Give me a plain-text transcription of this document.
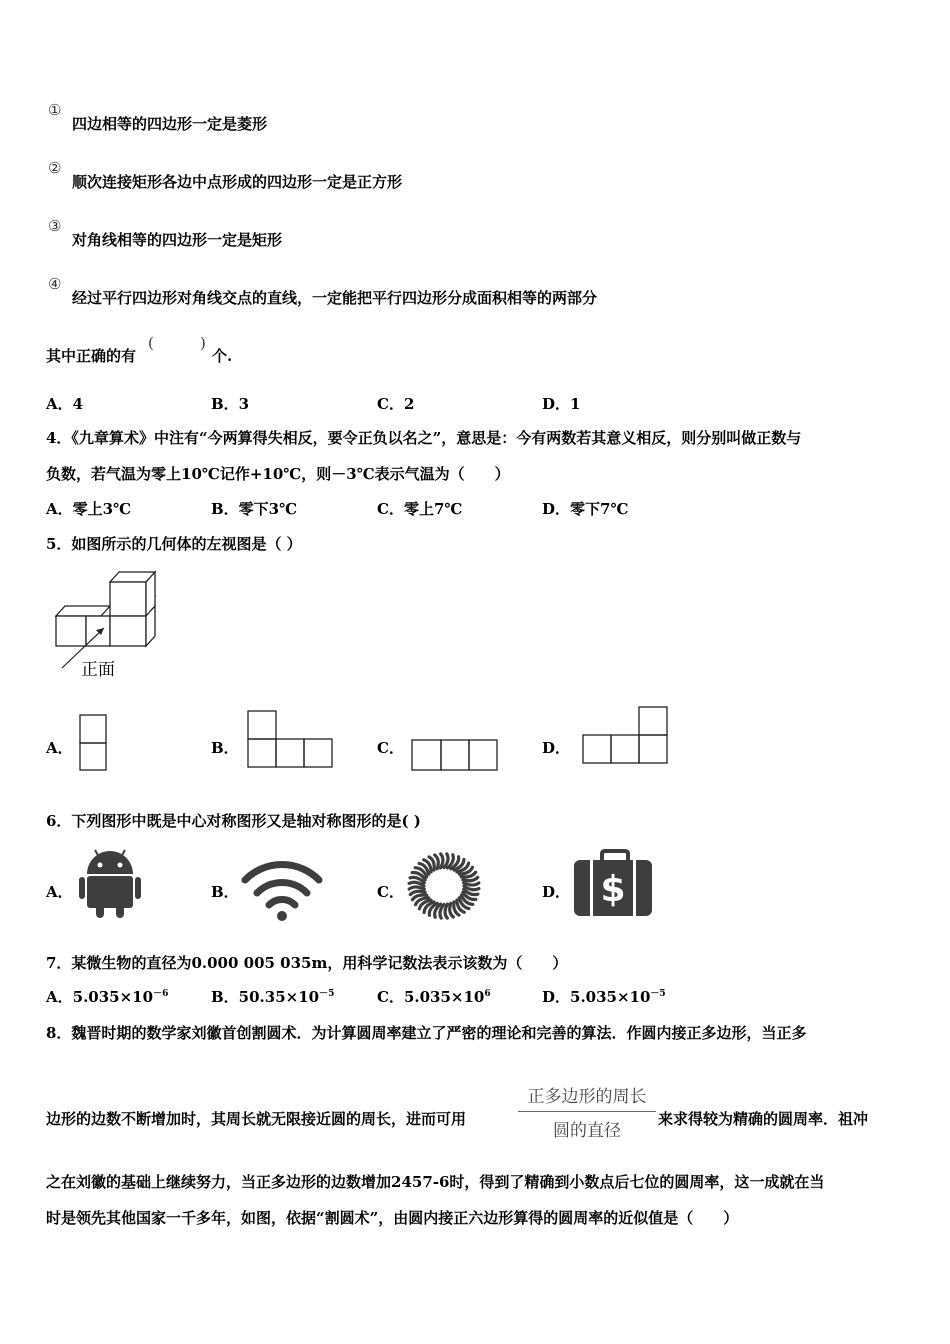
①
四边相等的四边形一定是菱形
②
顺次连接矩形各边中点形成的四边形一定是正方形
③
对角线相等的四边形一定是矩形
④
经过平行四边形对角线交点的直线，一定能把平行四边形分成面积相等的两部分
其中正确的有
(	)
个.
A．4	B．3	C．2	D．1
4．《九章算术》中注有“今两算得失相反，要令正负以名之”，意思是：今有两数若其意义相反，则分别叫做正数与
负数，若气温为零上10℃记作+10℃，则－3℃表示气温为（　　）
A．零上3℃	B．零下3℃	C．零上7℃	D．零下7℃
5．如图所示的几何体的左视图是（ ）
正面
A．	B．	C．	D．
6．下列图形中既是中心对称图形又是轴对称图形的是( )
A．	B．	C．	D． $
7．某微生物的直径为0.000 005 035m，用科学记数法表示该数为（　　）
A．$5.035\times 10^{-6}$	B．$50.35\times 10^{-5}$	C．$5.035\times 10^6$	D．$5.035\times 10^{-5}$
8．魏晋时期的数学家刘徽首创割圆术．为计算圆周率建立了严密的理论和完善的算法．作圆内接正多边形，当正多
边形的边数不断增加时，其周长就无限接近圆的周长，进而可用
正多边形的周长
圆的直径
来求得较为精确的圆周率．祖冲
之在刘徽的基础上继续努力，当正多边形的边数增加2457-6时，得到了精确到小数点后七位的圆周率，这一成就在当
时是领先其他国家一千多年，如图，依据“割圆术”，由圆内接正六边形算得的圆周率的近似值是（　　）
